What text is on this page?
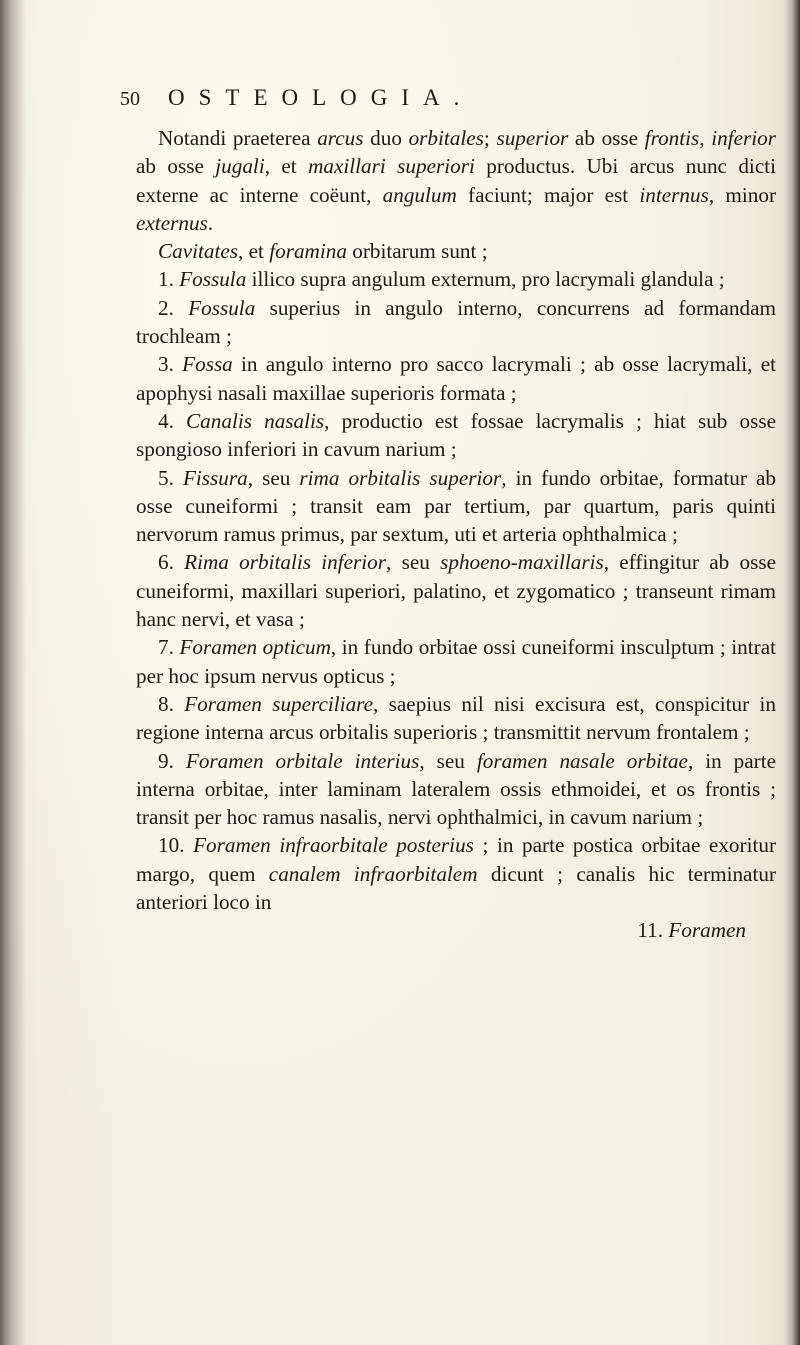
50	OSTEOLOGIA.

Notandi praeterea arcus duo orbitales; superior ab osse frontis, inferior ab osse jugali, et maxillari superiori productus. Ubi arcus nunc dicti externe ac interne coëunt, angulum faciunt; major est internus, minor externus.

Cavitates, et foramina orbitarum sunt ;

1. Fossula illico supra angulum externum, pro lacrymali glandula ;

2. Fossula superius in angulo interno, concurrens ad formandam trochleam ;

3. Fossa in angulo interno pro sacco lacrymali ; ab osse lacrymali, et apophysi nasali maxillae superioris formata ;

4. Canalis nasalis, productio est fossae lacrymalis ; hiat sub osse spongioso inferiori in cavum narium ;

5. Fissura, seu rima orbitalis superior, in fundo orbitae, formatur ab osse cuneiformi ; transit eam par tertium, par quartum, paris quinti nervorum ramus primus, par sextum, uti et arteria ophthalmica ;

6. Rima orbitalis inferior, seu sphoeno-maxillaris, effingitur ab osse cuneiformi, maxillari superiori, palatino, et zygomatico ; transeunt rimam hanc nervi, et vasa ;

7. Foramen opticum, in fundo orbitae ossi cuneiformi insculptum ; intrat per hoc ipsum nervus opticus ;

8. Foramen superciliare, saepius nil nisi excisura est, conspicitur in regione interna arcus orbitalis superioris ; transmittit nervum frontalem ;

9. Foramen orbitale interius, seu foramen nasale orbitae, in parte interna orbitae, inter laminam lateralem ossis ethmoidei, et os frontis ; transit per hoc ramus nasalis, nervi ophthalmici, in cavum narium ;

10. Foramen infraorbitale posterius ; in parte postica orbitae exoritur margo, quem canalem infraorbitalem dicunt ; canalis hic terminatur anteriori loco in

11. Foramen
